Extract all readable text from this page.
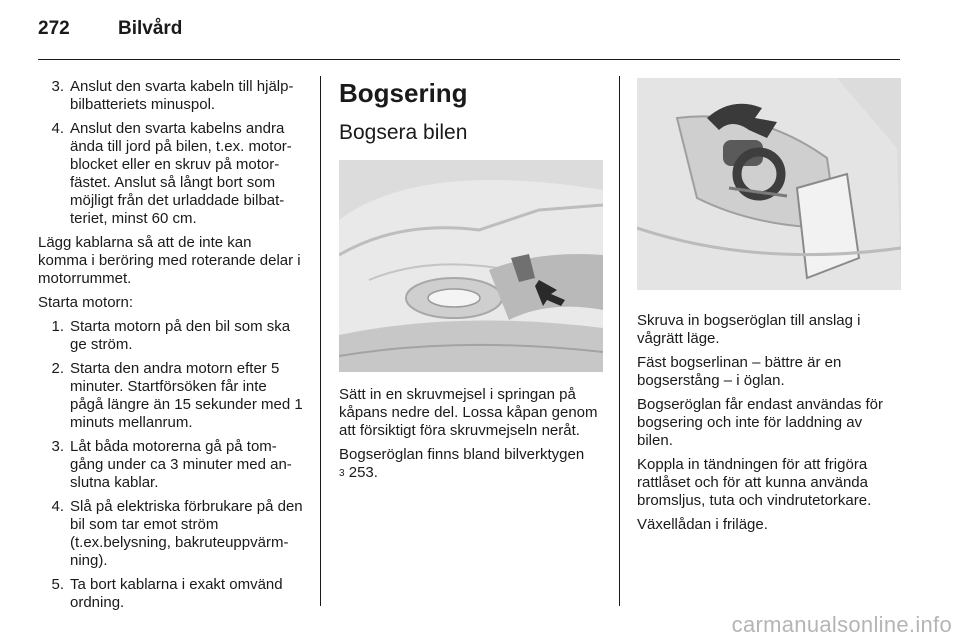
272	Bilvård
3. Anslut den svarta kabeln till hjälp-bilbatteriets minuspol.
4. Anslut den svarta kabelns andra ända till jord på bilen, t.ex. motor-blocket eller en skruv på motor-fästet. Anslut så långt bort som möjligt från det urladdade bilbat-teriet, minst 60 cm.

Lägg kablarna så att de inte kan komma i beröring med roterande delar i motorrummet.

Starta motorn:

1. Starta motorn på den bil som ska ge ström.
2. Starta den andra motorn efter 5 minuter. Startförsöken får inte pågå längre än 15 sekunder med 1 minuts mellanrum.
3. Låt båda motorerna gå på tom-gång under ca 3 minuter med an-slutna kablar.
4. Slå på elektriska förbrukare på den bil som tar emot ström (t.ex.belysning, bakruteuppvärm-ning).
5. Ta bort kablarna i exakt omvänd ordning.
Bogsering
Bogsera bilen

Sätt in en skruvmejsel i springan på kåpans nedre del. Lossa kåpan genom att försiktigt föra skruvmejseln neråt.

Bogseröglan finns bland bilverktygen
3 253.

Skruva in bogseröglan till anslag i vågrätt läge.

Fäst bogserlinan – bättre är en bogserstång – i öglan.

Bogseröglan får endast användas för bogsering och inte för laddning av bilen.

Koppla in tändningen för att frigöra rattlåset och för att kunna använda bromsljus, tuta och vindrutetorkare.

Växellådan i friläge.

carmanualsonline.info
